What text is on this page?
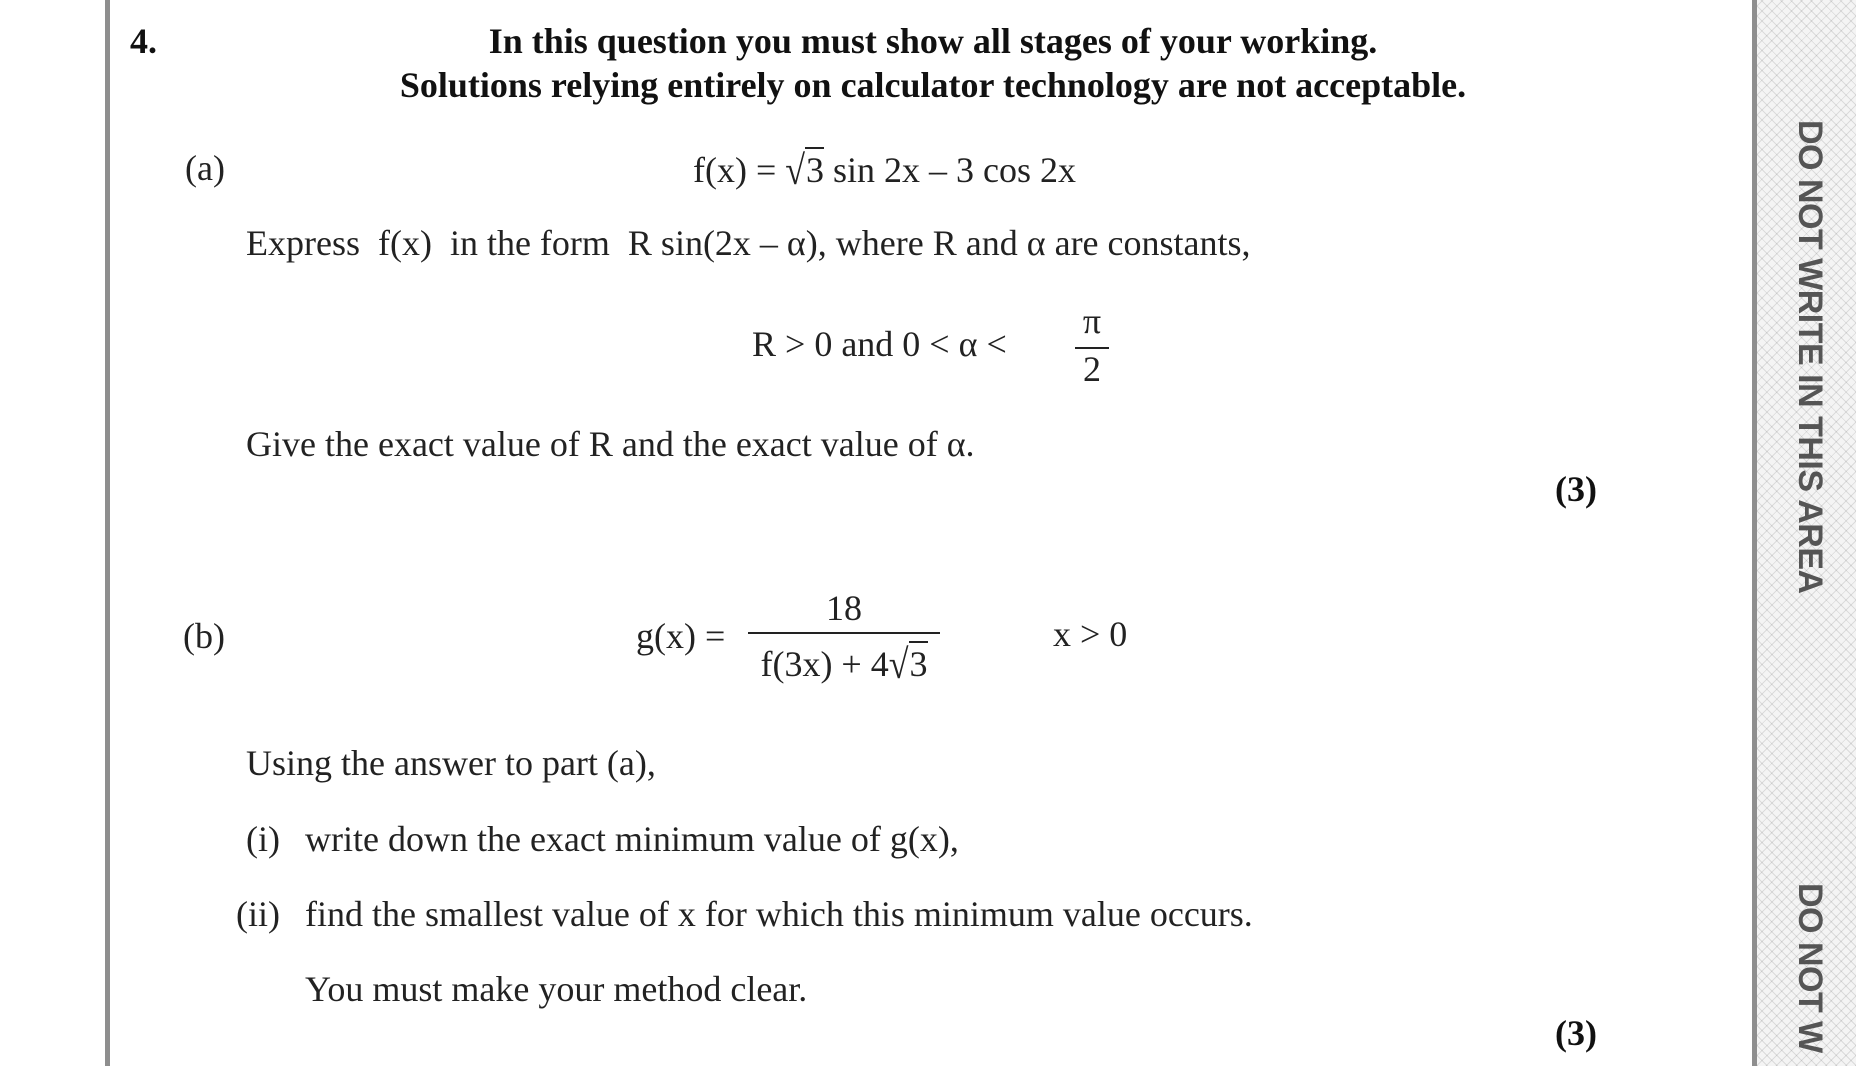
DO NOT WRITE IN THIS AREA
DO NOT W
4.	In this question you must show all stages of your working.
Solutions relying entirely on calculator technology are not acceptable.
(a)	f(x) = √3 sin 2x – 3 cos 2x
Express f(x) in the form R sin(2x – α), where R and α are constants,
R > 0 and 0 < α <
π
2
Give the exact value of R and the exact value of α.
(3)
(b)	g(x) =
18
f(3x) + 4√3
x > 0
Using the answer to part (a),
(i) write down the exact minimum value of g(x),
(ii) find the smallest value of x for which this minimum value occurs.
You must make your method clear.
(3)
